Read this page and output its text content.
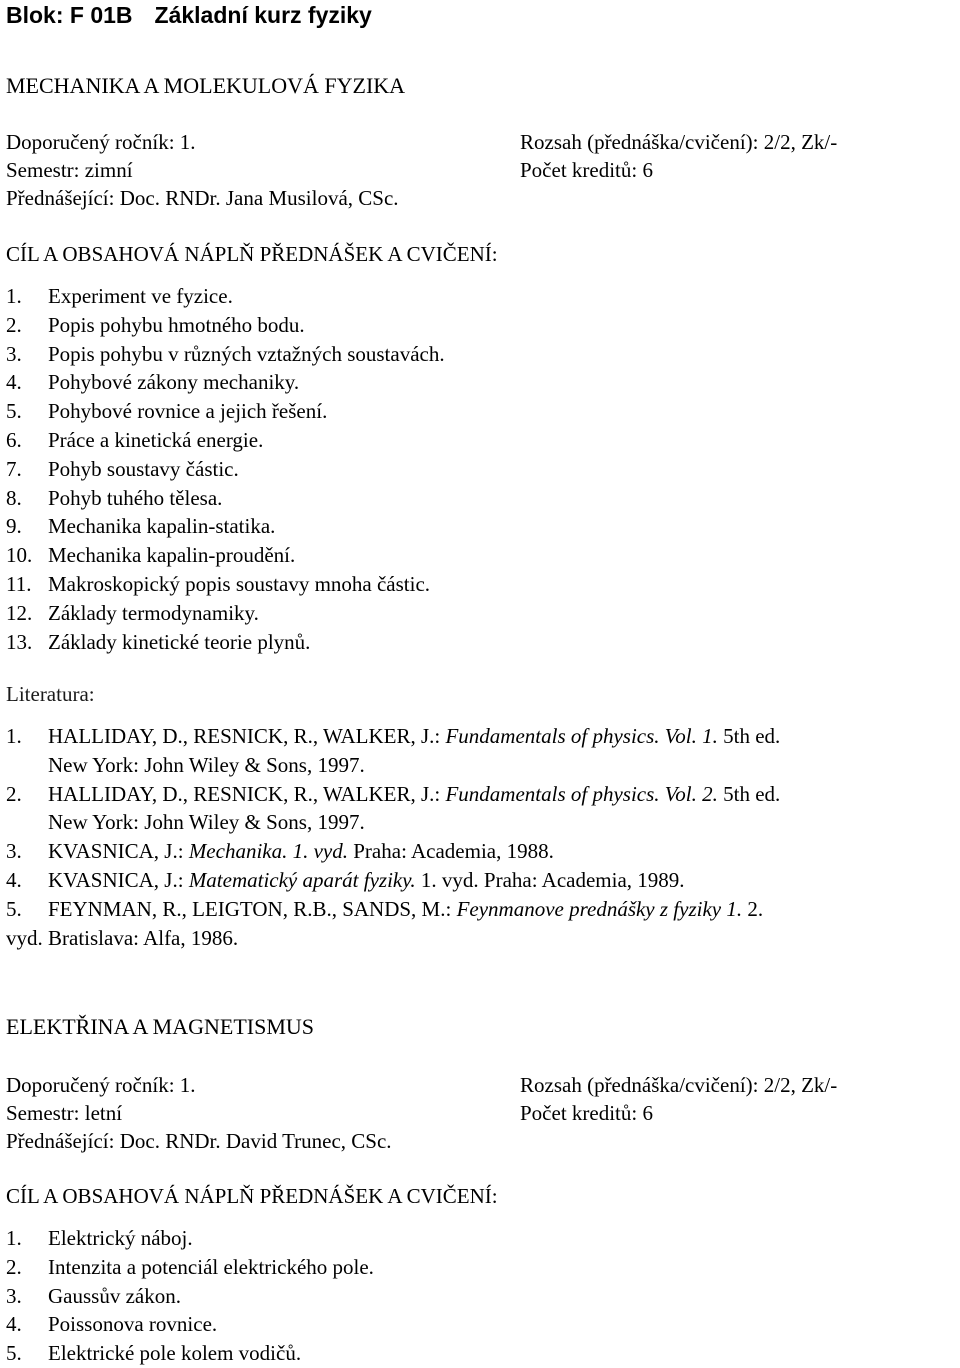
Blok: F 01B Základní kurz fyziky
MECHANIKA A MOLEKULOVÁ FYZIKA
Doporučený ročník: 1.	Rozsah (přednáška/cvičení): 2/2, Zk/-
Semestr: zimní	Počet kreditů: 6
Přednášející: Doc. RNDr. Jana Musilová, CSc.
CÍL A OBSAHOVÁ NÁPLŇ PŘEDNÁŠEK A CVIČENÍ:
1. Experiment ve fyzice.
2. Popis pohybu hmotného bodu.
3. Popis pohybu v různých vztažných soustavách.
4. Pohybové zákony mechaniky.
5. Pohybové rovnice a jejich řešení.
6. Práce a kinetická energie.
7. Pohyb soustavy částic.
8. Pohyb tuhého tělesa.
9. Mechanika kapalin-statika.
10. Mechanika kapalin-proudění.
11. Makroskopický popis soustavy mnoha částic.
12. Základy termodynamiky.
13. Základy kinetické teorie plynů.
Literatura:
1. HALLIDAY, D., RESNICK, R., WALKER, J.: Fundamentals of physics. Vol. 1. 5th ed.
New York: John Wiley & Sons, 1997.
2. HALLIDAY, D., RESNICK, R., WALKER, J.: Fundamentals of physics. Vol. 2. 5th ed.
New York: John Wiley & Sons, 1997.
3. KVASNICA, J.: Mechanika. 1. vyd. Praha: Academia, 1988.
4. KVASNICA, J.: Matematický aparát fyziky. 1. vyd. Praha: Academia, 1989.
5. FEYNMAN, R., LEIGTON, R.B., SANDS, M.: Feynmanove prednášky z fyziky 1. 2.
vyd. Bratislava: Alfa, 1986.
ELEKTŘINA A MAGNETISMUS
Doporučený ročník: 1.	Rozsah (přednáška/cvičení): 2/2, Zk/-
Semestr: letní	Počet kreditů: 6
Přednášející: Doc. RNDr. David Trunec, CSc.
CÍL A OBSAHOVÁ NÁPLŇ PŘEDNÁŠEK A CVIČENÍ:
1. Elektrický náboj.
2. Intenzita a potenciál elektrického pole.
3. Gaussův zákon.
4. Poissonova rovnice.
5. Elektrické pole kolem vodičů.
